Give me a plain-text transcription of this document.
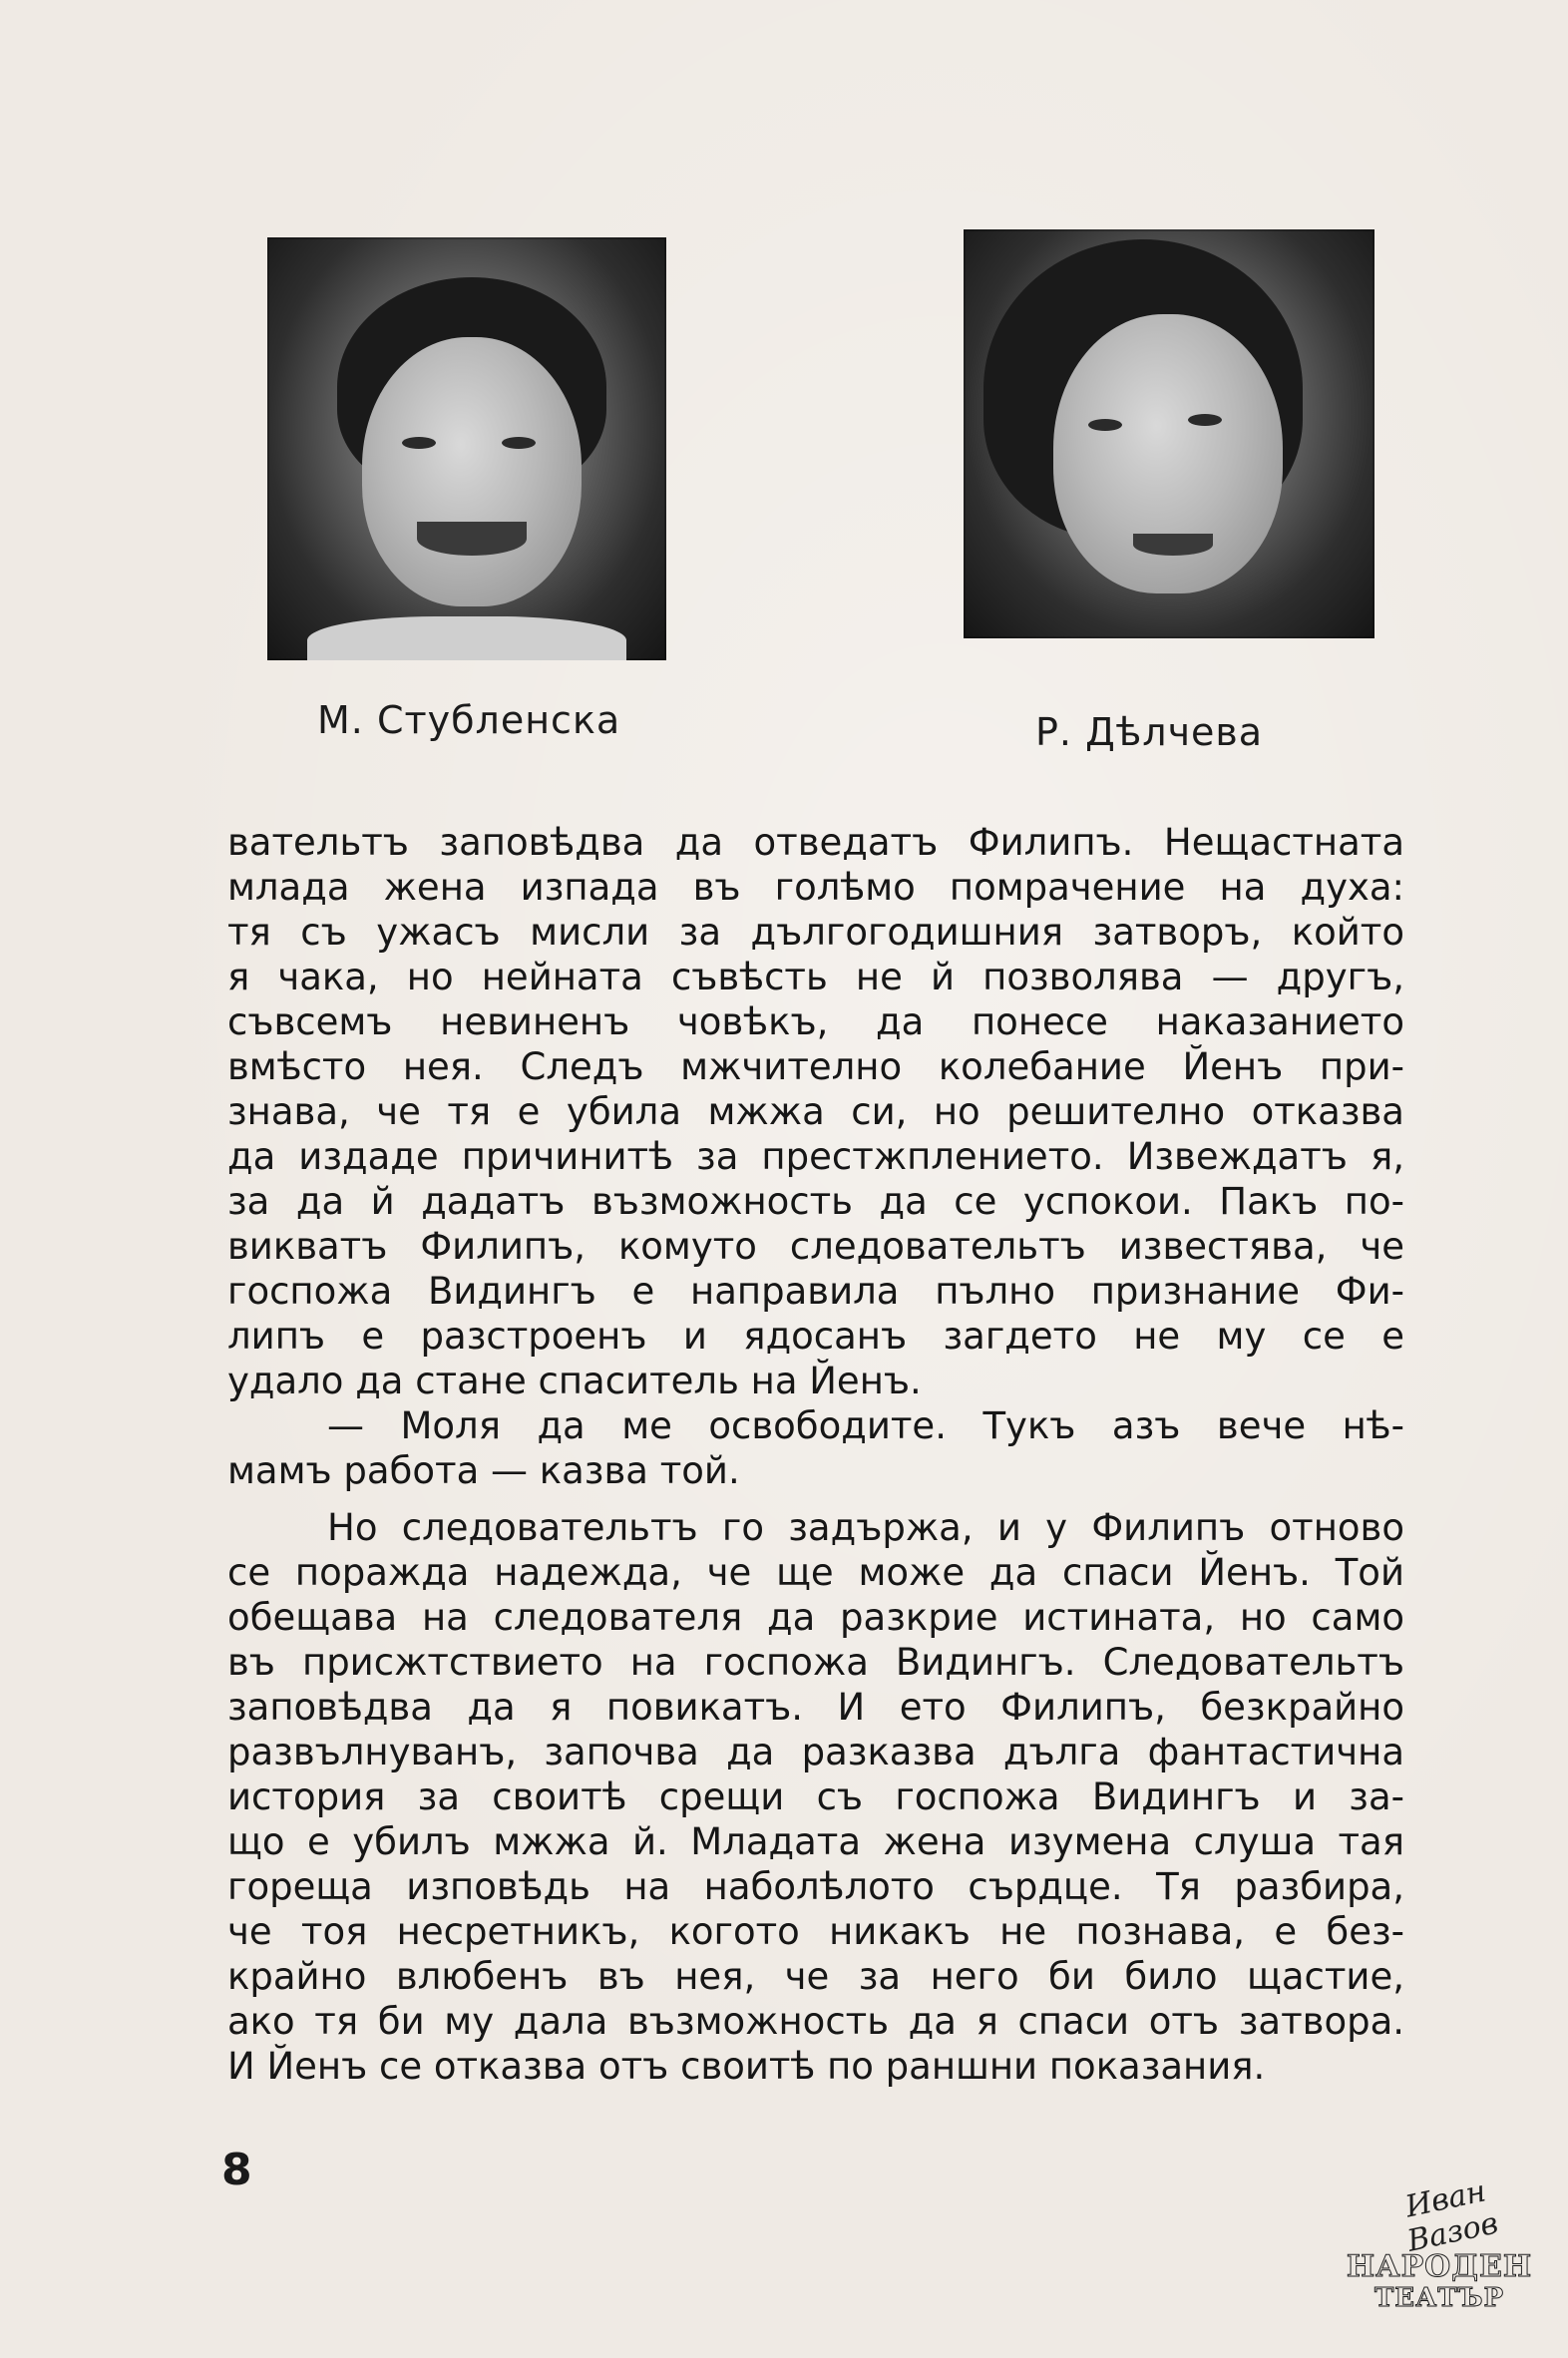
М. Стубленска	Р. Дѣлчева
вательтъ заповѣдва да отведатъ Филипъ. Нещастната
млада жена изпада въ голѣмо помрачение на духа:
тя съ ужасъ мисли за дългогодишния затворъ, който
я чака, но нейната съвѣсть не й позволява — другъ,
съвсемъ невиненъ човѣкъ, да понесе наказанието
вмѣсто нея. Следъ мжчително колебание Йенъ при-
знава, че тя е убила мжжа си, но решително отказва
да издаде причинитѣ за престжплението. Извеждатъ я,
за да й дадатъ възможность да се успокои. Пакъ по-
викватъ Филипъ, комуто следовательтъ известява, че
госпожа Видингъ е направила пълно признание Фи-
липъ е разстроенъ и ядосанъ загдето не му се е
удало да стане спаситель на Йенъ.
— Моля да ме освободите. Тукъ азъ вече нѣ-
мамъ работа — казва той.
Но следовательтъ го задържа, и у Филипъ отново
се поражда надежда, че ще може да спаси Йенъ. Той
обещава на следователя да разкрие истината, но само
въ присжтствието на госпожа Видингъ. Следовательтъ
заповѣдва да я повикатъ. И ето Филипъ, безкрайно
развълнуванъ, започва да разказва дълга фантастична
история за своитѣ срещи съ госпожа Видингъ и за-
що е убилъ мжжа й. Младата жена изумена слуша тая
гореща изповѣдь на наболѣлото сърдце. Тя разбира,
че тоя несретникъ, когото никакъ не познава, е без-
крайно влюбенъ въ нея, че за него би било щастие,
ако тя би му дала възможность да я спаси отъ затвора.
И Йенъ се отказва отъ своитѣ по раншни показания.
8
Иван Вазов
НАРОДЕН
ТЕАТЪР
